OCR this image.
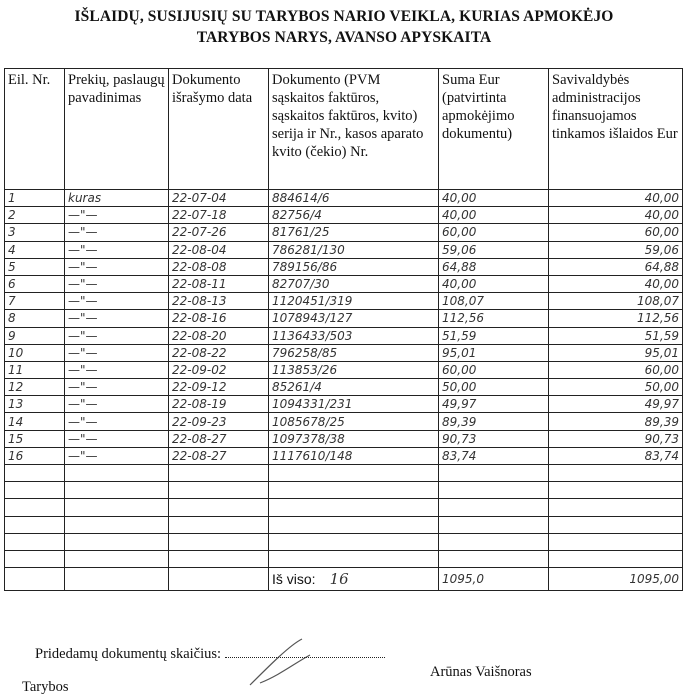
IŠLAIDŲ, SUSIJUSIŲ SU TARYBOS NARIO VEIKLA, KURIAS APMOKĖJO
TARYBOS NARYS, AVANSO APYSKAITA
Eil. Nr.	Prekių, paslaugų pavadinimas	Dokumento išrašymo data	Dokumento (PVM sąskaitos faktūros, sąskaitos faktūros, kvito) serija ir Nr., kasos aparato kvito (čekio) Nr.	Suma Eur (patvirtinta apmokėjimo dokumentu)	Savivaldybės administracijos finansuojamos tinkamos išlaidos Eur
1	kuras	22-07-04	884614/6	40,00	40,00
2	—"—	22-07-18	82756/4	40,00	40,00
3	—"—	22-07-26	81761/25	60,00	60,00
4	—"—	22-08-04	786281/130	59,06	59,06
5	—"—	22-08-08	789156/86	64,88	64,88
6	—"—	22-08-11	82707/30	40,00	40,00
7	—"—	22-08-13	1120451/319	108,07	108,07
8	—"—	22-08-16	1078943/127	112,56	112,56
9	—"—	22-08-20	1136433/503	51,59	51,59
10	—"—	22-08-22	796258/85	95,01	95,01
11	—"—	22-09-02	113853/26	60,00	60,00
12	—"—	22-09-12	85261/4	50,00	50,00
13	—"—	22-08-19	1094331/231	49,97	49,97
14	—"—	22-09-23	1085678/25	89,39	89,39
15	—"—	22-08-27	1097378/38	90,73	90,73
16	—"—	22-08-27	1117610/148	83,74	83,74

			Iš viso: 16	1095,0	1095,00
Pridedamų dokumentų skaičius:
Arūnas Vaišnoras
Tarybos
